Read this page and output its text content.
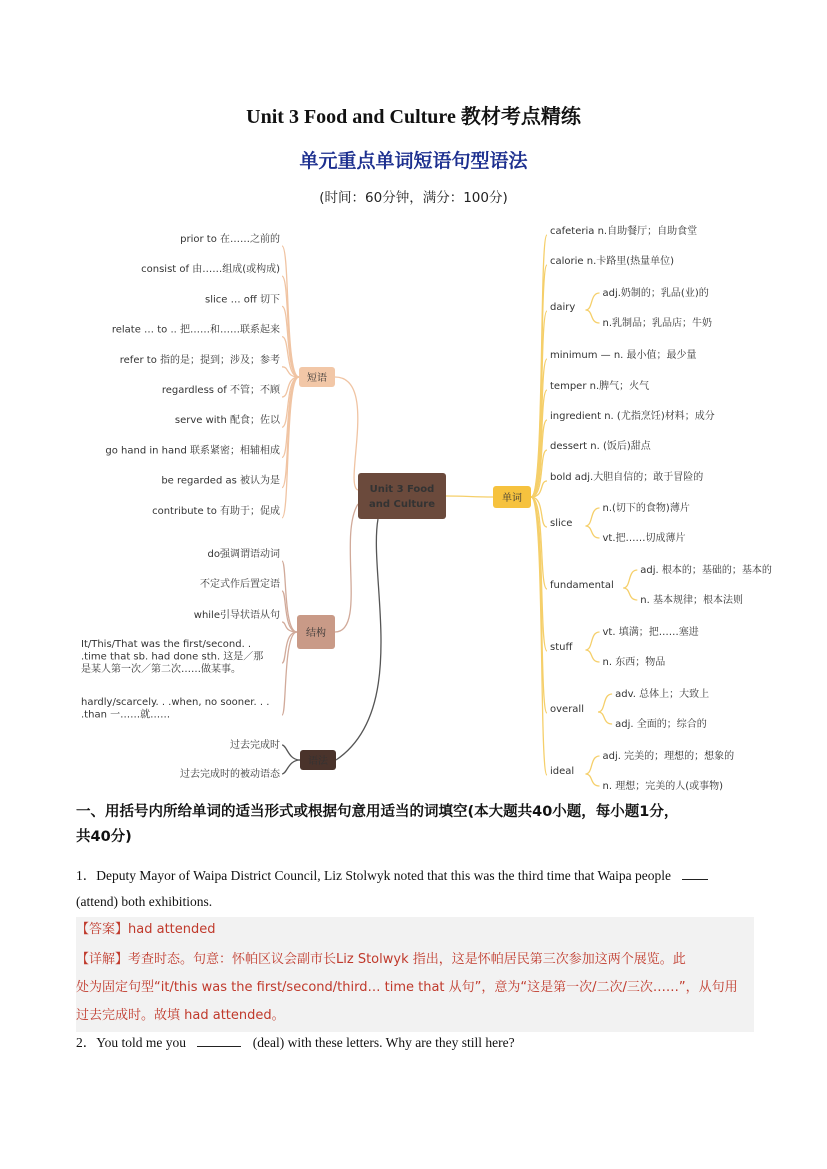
Unit 3 Food and Culture 教材考点精练
单元重点单词短语句型语法
(时间：60分钟，满分：100分)
prior to 在……之前的
consist of 由……组成(或构成)
slice … off 切下
relate … to .. 把……和……联系起来
refer to 指的是；提到；涉及；参考
regardless of 不管；不顾
serve with 配食；佐以
go hand in hand 联系紧密；相辅相成
be regarded as 被认为是
contribute to 有助于；促成
短语
do强调谓语动词
不定式作后置定语
while引导状语从句
It/This/That was the first/second. .
.time that sb. had done sth. 这是／那
是某人第一次／第二次……做某事。
hardly/scarcely. . .when, no sooner. . .
.than 一……就……
结构
过去完成时
过去完成时的被动语态
语法
cafeteria n.自助餐厅；自助食堂
calorie n.卡路里(热量单位)
dairy
adj.奶制的；乳品(业)的
n.乳制品；乳品店；牛奶
minimum — n. 最小值；最少量
temper n.脾气；火气
ingredient n. (尤指烹饪)材料；成分
dessert n. (饭后)甜点
bold adj.大胆自信的；敢于冒险的
slice
n.(切下的食物)薄片
vt.把……切成薄片
fundamental
adj. 根本的；基础的；基本的
n. 基本规律；根本法则
stuff
vt. 填满；把……塞进
n. 东西；物品
overall
adv. 总体上；大致上
adj. 全面的；综合的
ideal
adj. 完美的；理想的；想象的
n. 理想；完美的人(或事物)
单词
Unit 3 Food
and Culture
一、用括号内所给单词的适当形式或根据句意用适当的词填空(本大题共40小题，每小题1分，
共40分)
1．Deputy Mayor of Waipa District Council, Liz Stolwyk noted that this was the third time that Waipa people
(attend) both exhibitions.
【答案】had attended
【详解】考查时态。句意：怀帕区议会副市长Liz Stolwyk 指出，这是怀帕居民第三次参加这两个展览。此
处为固定句型“it/this was the first/second/third… time that 从句”，意为“这是第一次/二次/三次……”，从句用
过去完成时。故填 had attended。
2．You told me you	(deal) with these letters. Why are they still here?
